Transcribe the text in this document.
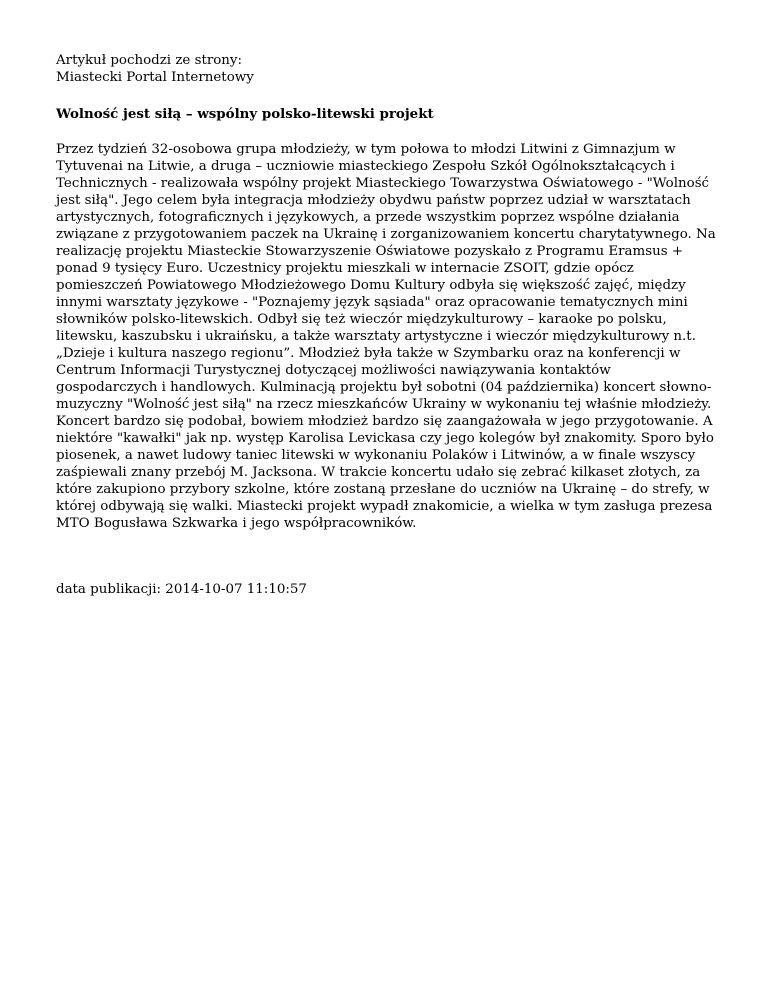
Artykuł pochodzi ze strony:
Miastecki Portal Internetowy
Wolność jest siłą – wspólny polsko-litewski projekt

Przez tydzień 32-osobowa grupa młodzieży, w tym połowa to młodzi Litwini z Gimnazjum w Tytuvenai na Litwie, a druga – uczniowie miasteckiego Zespołu Szkół Ogólnokształcących i Technicznych - realizowała wspólny projekt Miasteckiego Towarzystwa Oświatowego - "Wolność jest siłą". Jego celem była integracja młodzieży obydwu państw poprzez udział w warsztatach artystycznych, fotograficznych i językowych, a przede wszystkim poprzez wspólne działania związane z przygotowaniem paczek na Ukrainę i zorganizowaniem koncertu charytatywnego. Na realizację projektu Miasteckie Stowarzyszenie Oświatowe pozyskało z Programu Eramsus + ponad 9 tysięcy Euro. Uczestnicy projektu mieszkali w internacie ZSOIT, gdzie opócz pomieszczeń Powiatowego Młodzieżowego Domu Kultury odbyła się większość zajęć, między innymi warsztaty językowe - "Poznajemy język sąsiada" oraz opracowanie tematycznych mini słowników polsko-litewskich. Odbył się też wieczór międzykulturowy – karaoke po polsku, litewsku, kaszubsku i ukraińsku, a także warsztaty artystyczne i wieczór międzykulturowy n.t. „Dzieje i kultura naszego regionu”. Młodzież była także w Szymbarku oraz na konferencji w Centrum Informacji Turystycznej dotyczącej możliwości nawiązywania kontaktów gospodarczych i handlowych. Kulminacją projektu był sobotni (04 października) koncert słowno-muzyczny "Wolność jest siłą" na rzecz mieszkańców Ukrainy w wykonaniu tej właśnie młodzieży. Koncert bardzo się podobał, bowiem młodzież bardzo się zaangażowała w jego przygotowanie. A niektóre "kawałki" jak np. występ Karolisa Levickasa czy jego kolegów był znakomity. Sporo było piosenek, a nawet ludowy taniec litewski w wykonaniu Polaków i Litwinów, a w finale wszyscy zaśpiewali znany przebój M. Jacksona. W trakcie koncertu udało się zebrać kilkaset złotych, za które zakupiono przybory szkolne, które zostaną przesłane do uczniów na Ukrainę – do strefy, w której odbywają się walki. Miastecki projekt wypadł znakomicie, a wielka w tym zasługa prezesa MTO Bogusława Szkwarka i jego współpracowników.

data publikacji: 2014-10-07 11:10:57
